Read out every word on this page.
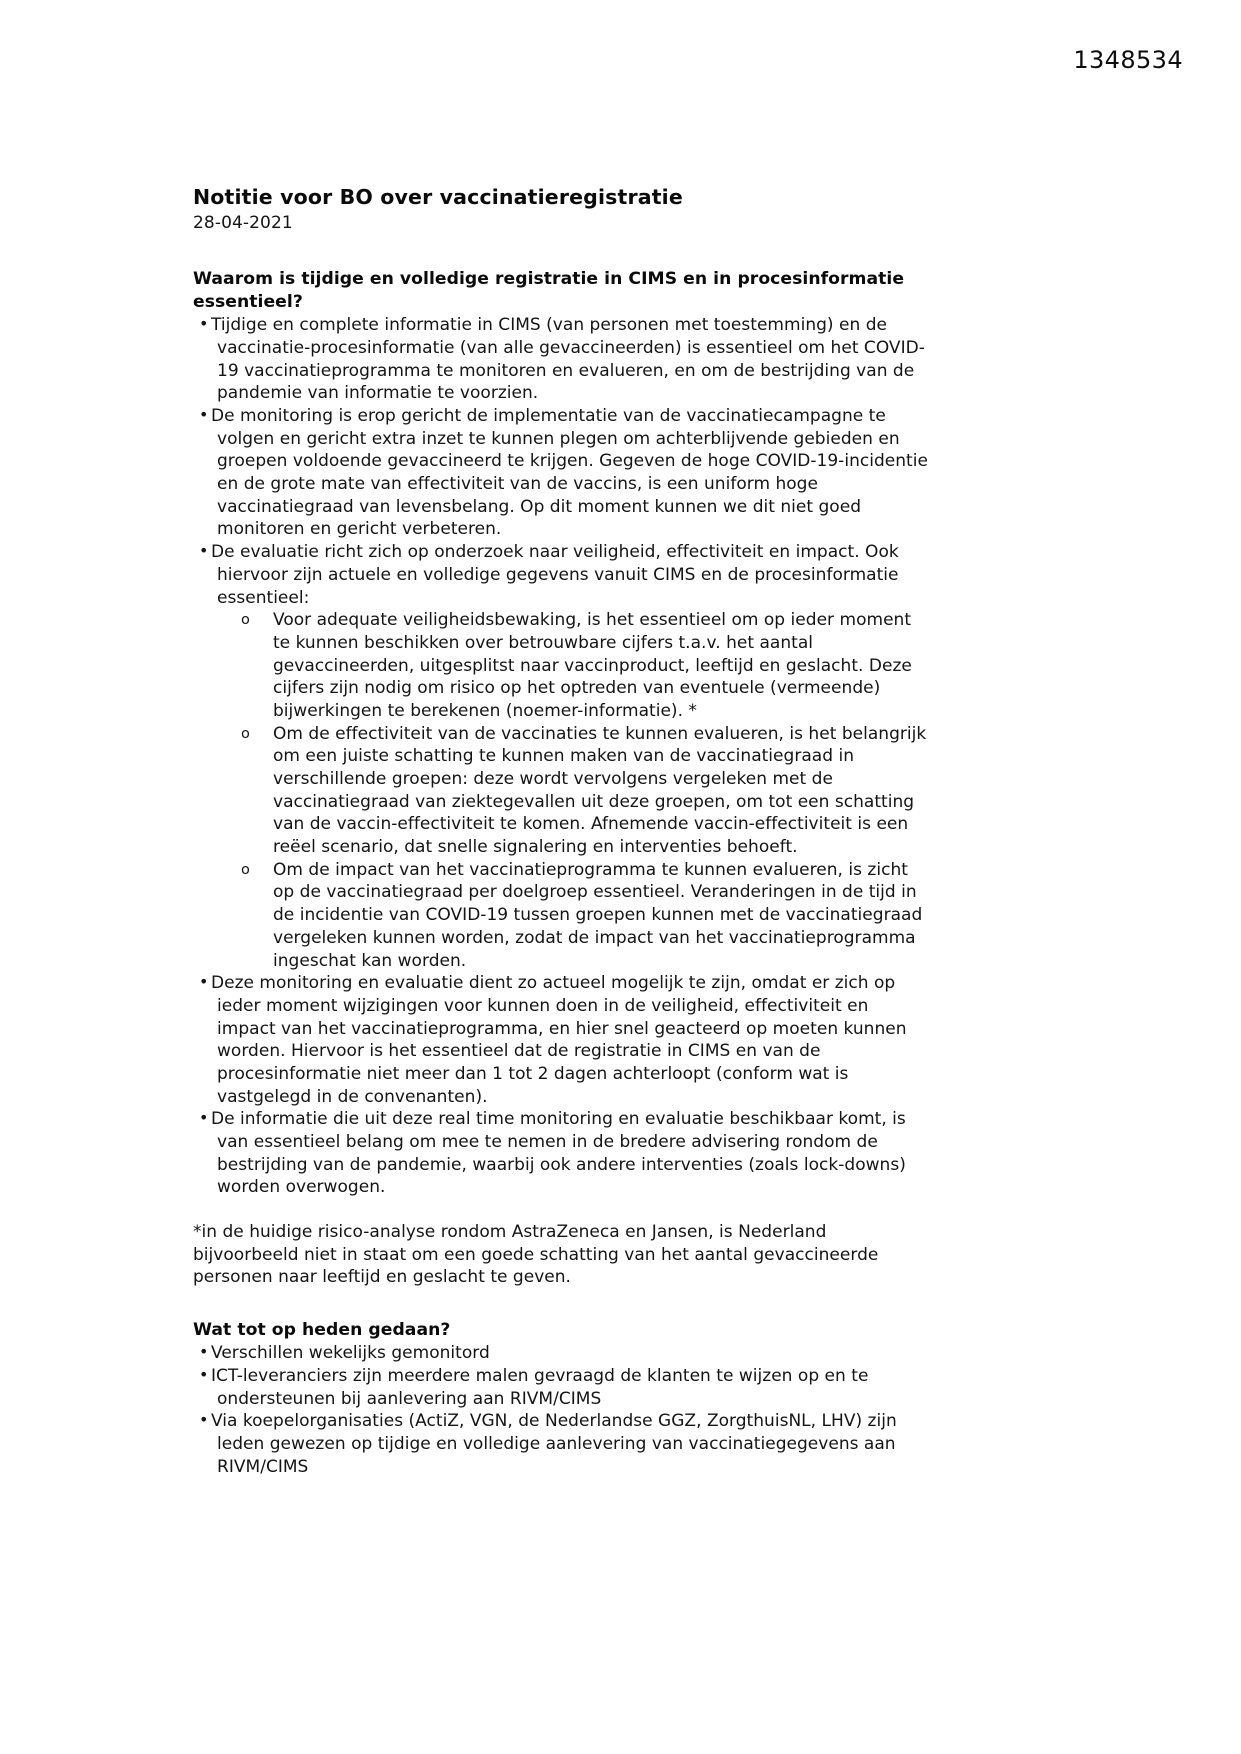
1348534
Notitie voor BO over vaccinatieregistratie

28-04-2021

Waarom is tijdige en volledige registratie in CIMS en in procesinformatie
essentieel?
• Tijdige en complete informatie in CIMS (van personen met toestemming) en de vaccinatie-procesinformatie (van alle gevaccineerden) is essentieel om het COVID-19 vaccinatieprogramma te monitoren en evalueren, en om de bestrijding van de pandemie van informatie te voorzien.
• De monitoring is erop gericht de implementatie van de vaccinatiecampagne te volgen en gericht extra inzet te kunnen plegen om achterblijvende gebieden en groepen voldoende gevaccineerd te krijgen. Gegeven de hoge COVID-19-incidentie en de grote mate van effectiviteit van de vaccins, is een uniform hoge vaccinatiegraad van levensbelang. Op dit moment kunnen we dit niet goed monitoren en gericht verbeteren.
• De evaluatie richt zich op onderzoek naar veiligheid, effectiviteit en impact. Ook hiervoor zijn actuele en volledige gegevens vanuit CIMS en de procesinformatie essentieel:
o Voor adequate veiligheidsbewaking, is het essentieel om op ieder moment te kunnen beschikken over betrouwbare cijfers t.a.v. het aantal gevaccineerden, uitgesplitst naar vaccinproduct, leeftijd en geslacht. Deze cijfers zijn nodig om risico op het optreden van eventuele (vermeende) bijwerkingen te berekenen (noemer-informatie). *
o Om de effectiviteit van de vaccinaties te kunnen evalueren, is het belangrijk om een juiste schatting te kunnen maken van de vaccinatiegraad in verschillende groepen: deze wordt vervolgens vergeleken met de vaccinatiegraad van ziektegevallen uit deze groepen, om tot een schatting van de vaccin-effectiviteit te komen. Afnemende vaccin-effectiviteit is een reëel scenario, dat snelle signalering en interventies behoeft.
o Om de impact van het vaccinatieprogramma te kunnen evalueren, is zicht op de vaccinatiegraad per doelgroep essentieel. Veranderingen in de tijd in de incidentie van COVID-19 tussen groepen kunnen met de vaccinatiegraad vergeleken kunnen worden, zodat de impact van het vaccinatieprogramma ingeschat kan worden.
• Deze monitoring en evaluatie dient zo actueel mogelijk te zijn, omdat er zich op ieder moment wijzigingen voor kunnen doen in de veiligheid, effectiviteit en impact van het vaccinatieprogramma, en hier snel geacteerd op moeten kunnen worden. Hiervoor is het essentieel dat de registratie in CIMS en van de procesinformatie niet meer dan 1 tot 2 dagen achterloopt (conform wat is vastgelegd in de convenanten).
• De informatie die uit deze real time monitoring en evaluatie beschikbaar komt, is van essentieel belang om mee te nemen in de bredere advisering rondom de bestrijding van de pandemie, waarbij ook andere interventies (zoals lock-downs) worden overwogen.

*in de huidige risico-analyse rondom AstraZeneca en Jansen, is Nederland bijvoorbeeld niet in staat om een goede schatting van het aantal gevaccineerde personen naar leeftijd en geslacht te geven.

Wat tot op heden gedaan?
• Verschillen wekelijks gemonitord
• ICT-leveranciers zijn meerdere malen gevraagd de klanten te wijzen op en te ondersteunen bij aanlevering aan RIVM/CIMS
• Via koepelorganisaties (ActiZ, VGN, de Nederlandse GGZ, ZorgthuisNL, LHV) zijn leden gewezen op tijdige en volledige aanlevering van vaccinatiegegevens aan RIVM/CIMS
